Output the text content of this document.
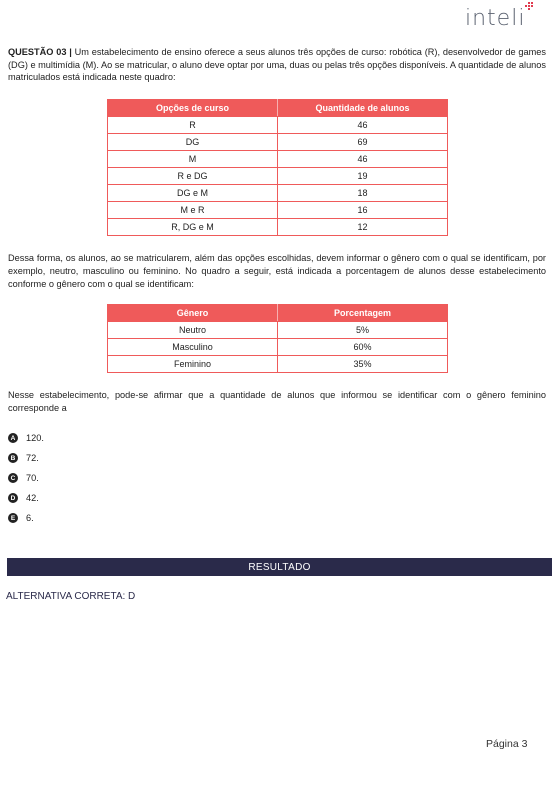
inteli
QUESTÃO 03 | Um estabelecimento de ensino oferece a seus alunos três opções de curso: robótica (R), desenvolvedor de games (DG) e multimídia (M). Ao se matricular, o aluno deve optar por uma, duas ou pelas três opções disponíveis. A quantidade de alunos matriculados está indicada neste quadro:
Opções de curso	Quantidade de alunos
R	46
DG	69
M	46
R e DG	19
DG e M	18
M e R	16
R, DG e M	12
Dessa forma, os alunos, ao se matricularem, além das opções escolhidas, devem informar o gênero com o qual se identificam, por exemplo, neutro, masculino ou feminino. No quadro a seguir, está indicada a porcentagem de alunos desse estabelecimento conforme o gênero com o qual se identificam:
Gênero	Porcentagem
Neutro	5%
Masculino	60%
Feminino	35%
Nesse estabelecimento, pode-se afirmar que a quantidade de alunos que informou se identificar com o gênero feminino corresponde a
A 120.
B 72.
C 70.
D 42.
E	6.
RESULTADO
ALTERNATIVA CORRETA: D
Página 3
